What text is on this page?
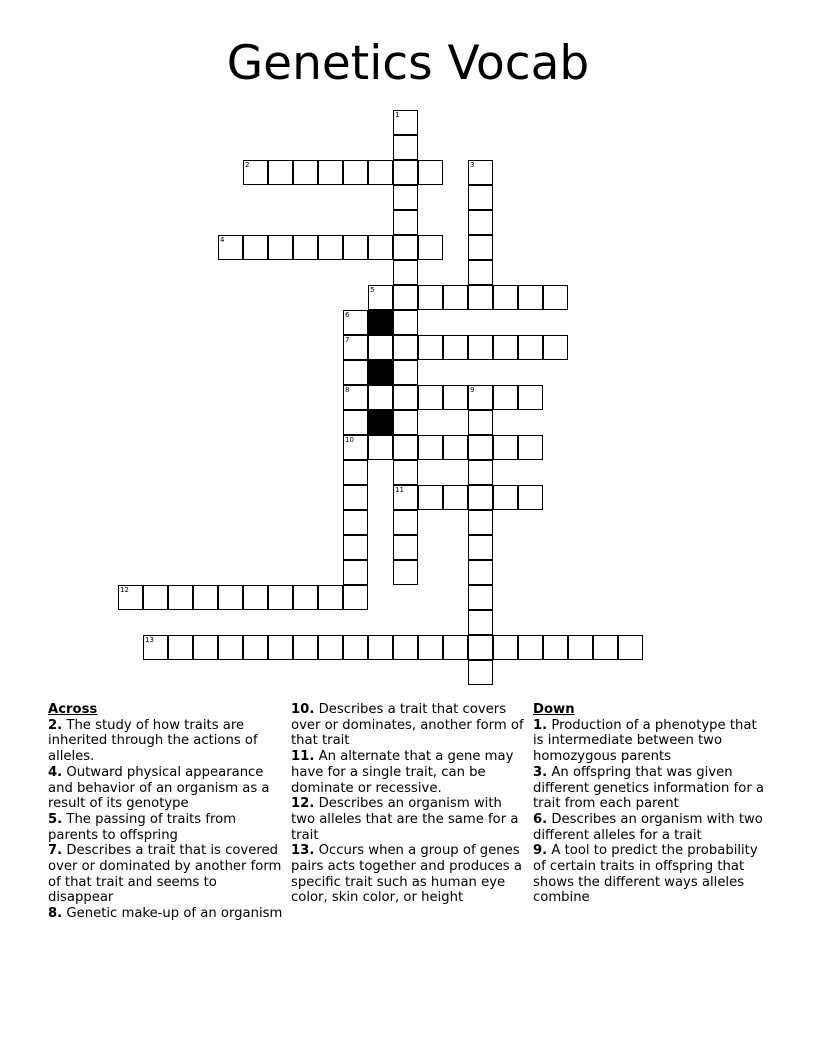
Genetics Vocab
2
4
5
7
8	9
10
11
12
13
1
3
6
Across
2. The study of how traits are inherited through the actions of alleles.
4. Outward physical appearance and behavior of an organism as a result of its genotype
5. The passing of traits from parents to offspring
7. Describes a trait that is covered over or dominated by another form of that trait and seems to disappear
8. Genetic make-up of an organism
10. Describes a trait that covers over or dominates, another form of that trait
11. An alternate that a gene may have for a single trait, can be dominate or recessive.
12. Describes an organism with two alleles that are the same for a trait
13. Occurs when a group of genes pairs acts together and produces a specific trait such as human eye color, skin color, or height
Down
1. Production of a phenotype that is intermediate between two homozygous parents
3. An offspring that was given different genetics information for a trait from each parent
6. Describes an organism with two different alleles for a trait
9. A tool to predict the probability of certain traits in offspring that shows the different ways alleles combine
